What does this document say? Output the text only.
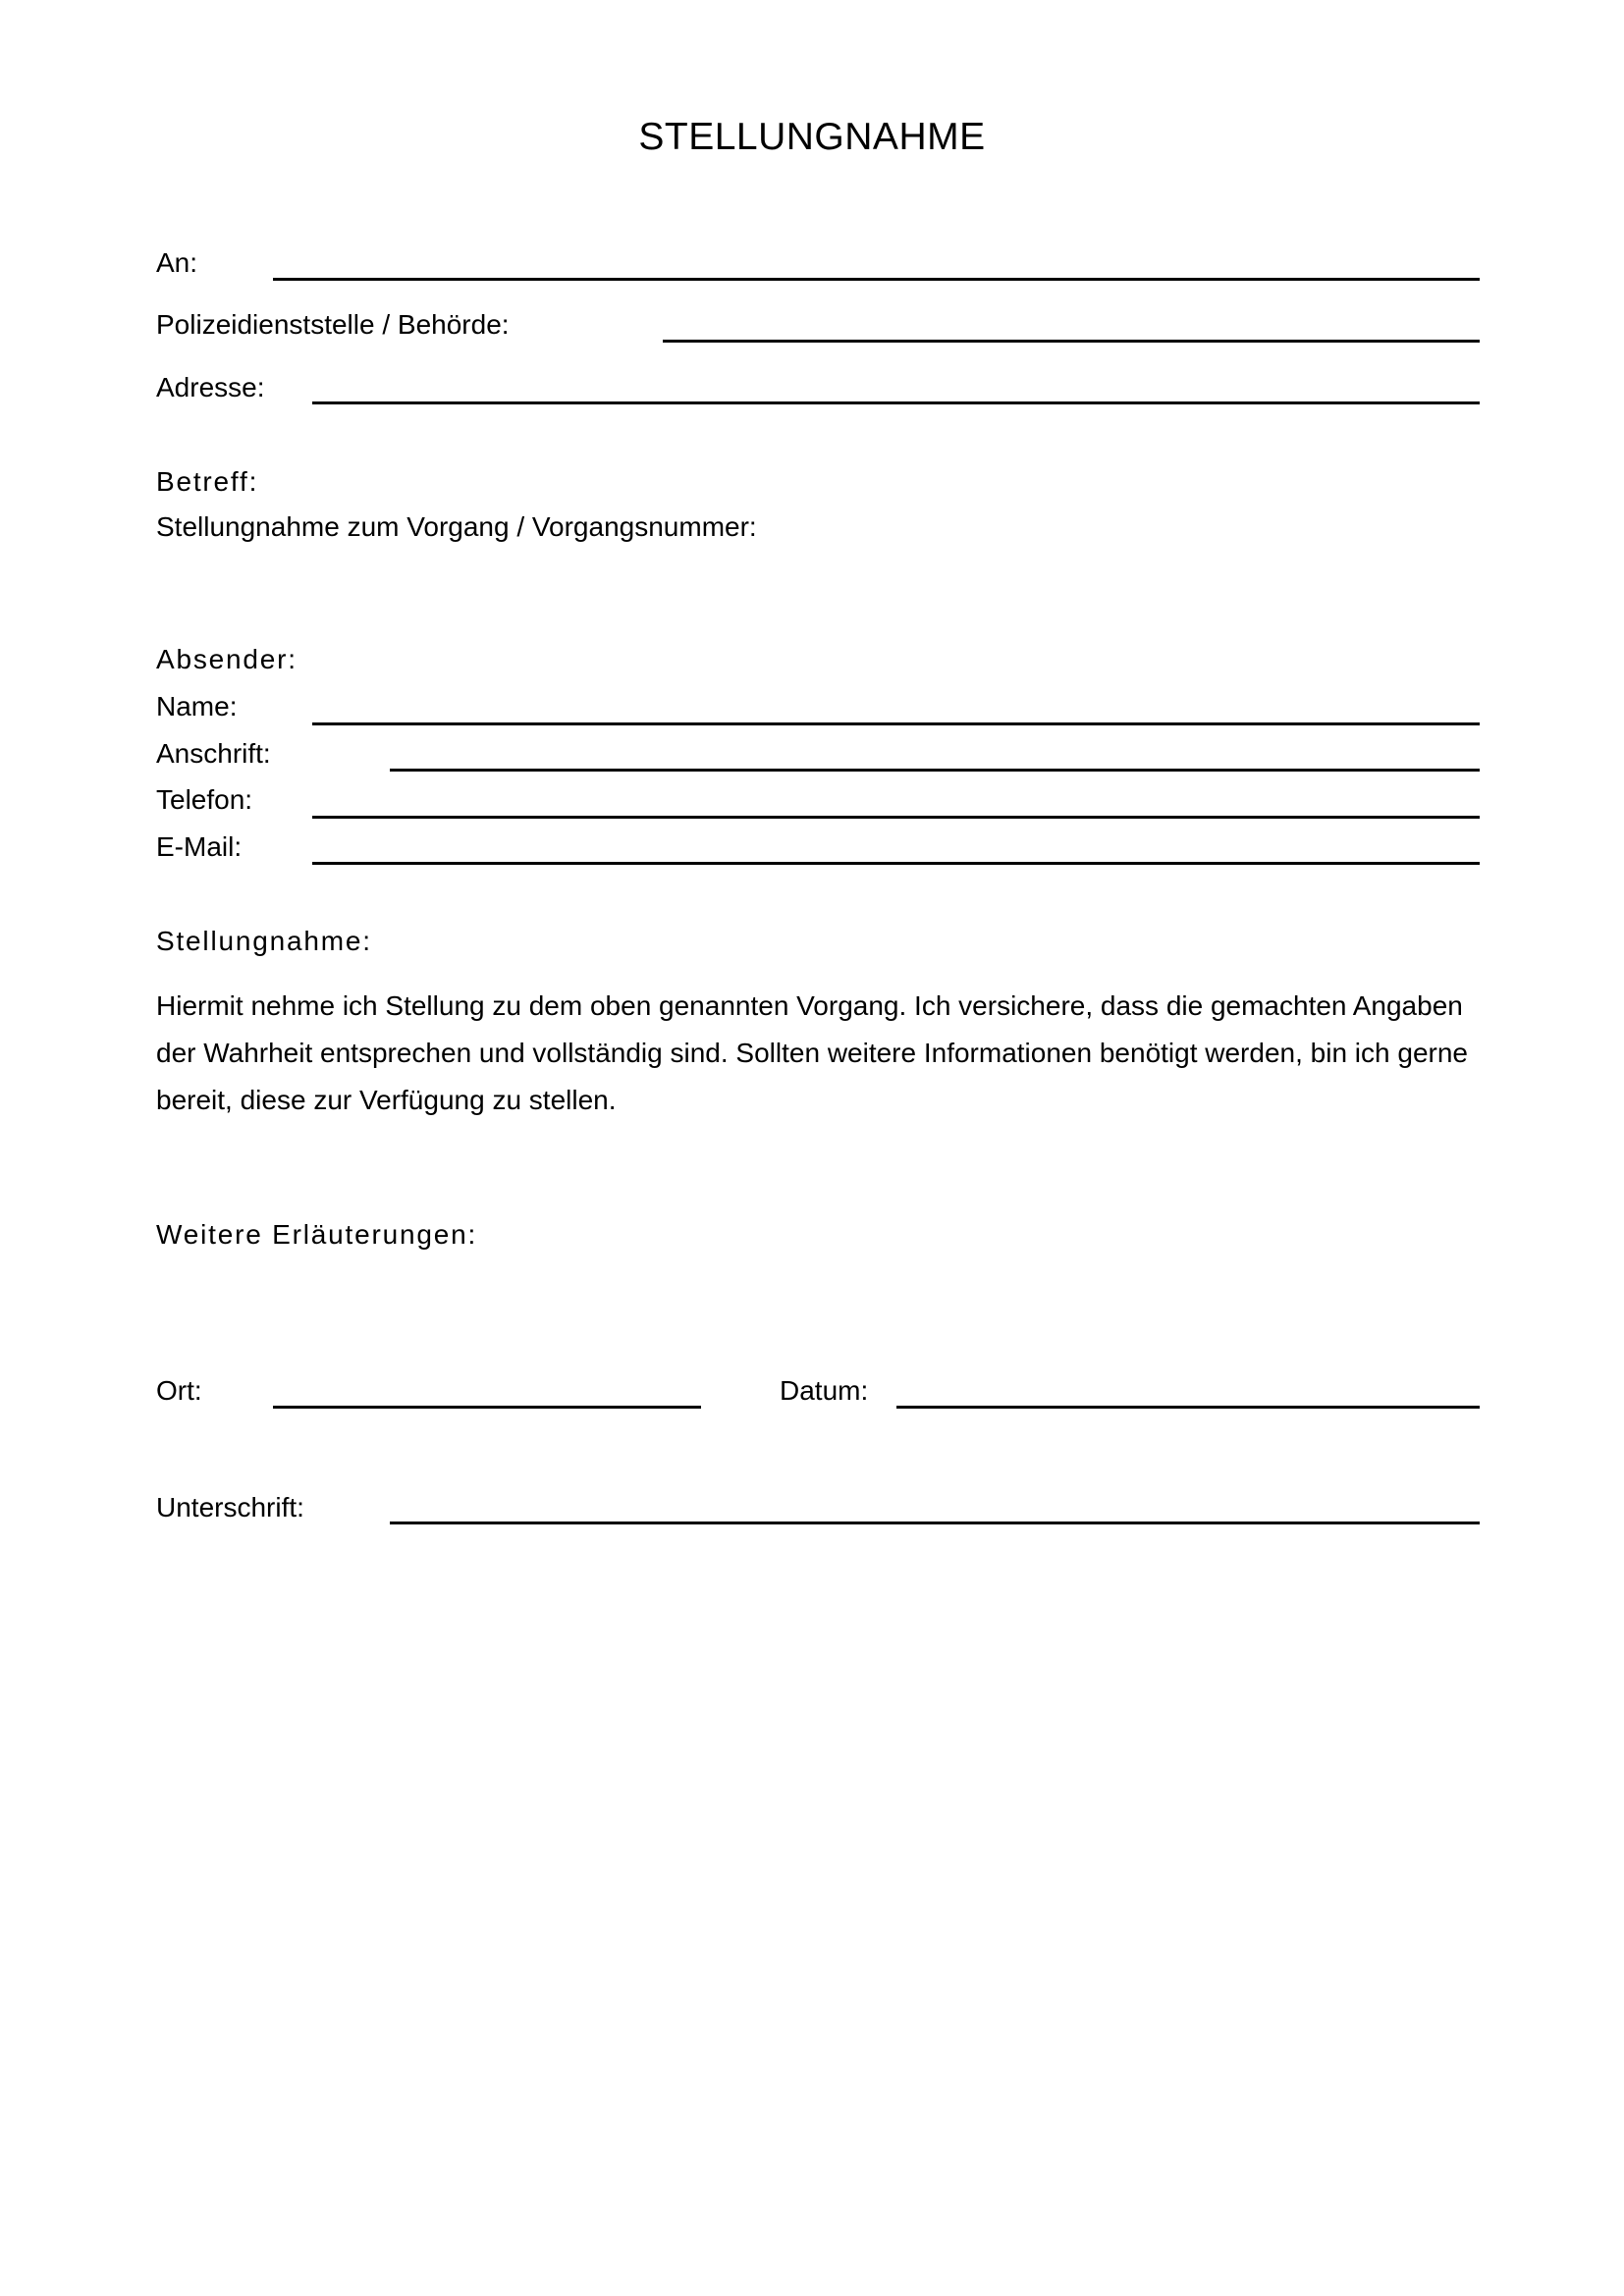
STELLUNGNAHME
An:
Polizeidienststelle / Behörde:
Adresse:
Betreff:
Stellungnahme zum Vorgang / Vorgangsnummer:
Absender:
Name:
Anschrift:
Telefon:
E-Mail:
Stellungnahme:
Hiermit nehme ich Stellung zu dem oben genannten Vorgang. Ich versichere, dass die gemachten Angaben
der Wahrheit entsprechen und vollständig sind. Sollten weitere Informationen benötigt werden, bin ich gerne
bereit, diese zur Verfügung zu stellen.
Weitere Erläuterungen:
Ort:	Datum:
Unterschrift:
